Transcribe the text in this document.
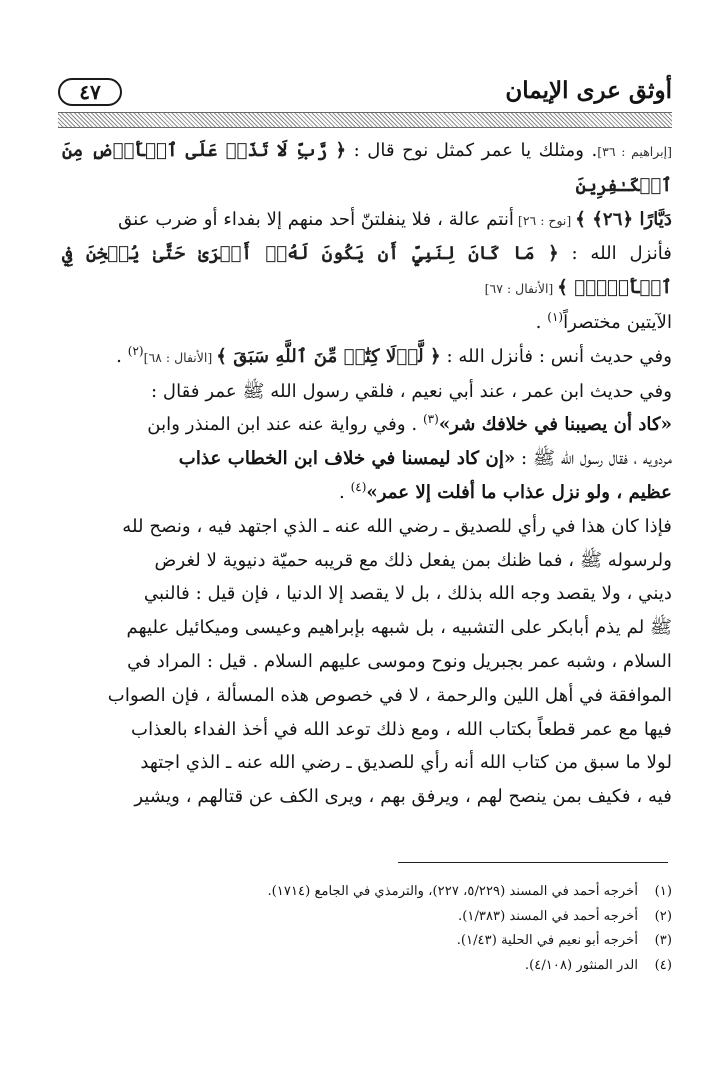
٤٧	أوثق عرى الإيمان

[إبراهيم : ٣٦]. ومثلك يا عمر كمثل نوح قال : ﴿ رَّبِّ لَا تَذَرۡ عَلَى ٱلۡأَرۡضِ مِنَ ٱلۡكَـٰفِرِينَ

دَيَّارًا ﴿٢٦﴾ ﴾ [نوح : ٢٦] أنتم عالة ، فلا ينفلتنّ أحد منهم إلا بفداء أو ضرب عنق

فأنزل الله : ﴿ مَا كَانَ لِنَبِيٍّ أَن يَكُونَ لَهُۥٓ أَسۡرَىٰ حَتَّىٰ يُثۡخِنَ فِي ٱلۡأَرۡضِۚ ﴾ [الأنفال : ٦٧]

الآيتين مختصراً$^{(١)}$ .

وفي حديث أنس : فأنزل الله : ﴿ لَّوۡلَا كِتَٰبٞ مِّنَ ٱللَّهِ سَبَقَ ﴾ [الأنفال : ٦٨]$^{(٢)}$ .

وفي حديث ابن عمر ، عند أبي نعيم ، فلقي رسول الله ﷺ عمر فقال :

«كاد أن يصيبنا في خلافك شر»$^{(٣)}$ . وفي رواية عنه عند ابن المنذر وابن

مردويه ، فقال رسول الله ﷺ : «إن كاد ليمسنا في خلاف ابن الخطاب عذاب

عظيم ، ولو نزل عذاب ما أفلت إلا عمر»$^{(٤)}$ .

فإذا كان هذا في رأي للصديق ـ رضي الله عنه ـ الذي اجتهد فيه ، ونصح لله

ولرسوله ﷺ ، فما ظنك بمن يفعل ذلك مع قريبه حميّة دنيوية لا لغرض

ديني ، ولا يقصد وجه الله بذلك ، بل لا يقصد إلا الدنيا ، فإن قيل : فالنبي

ﷺ لم يذم أبابكر على التشبيه ، بل شبهه بإبراهيم وعيسى وميكائيل عليهم

السلام ، وشبه عمر بجبريل ونوح وموسى عليهم السلام . قيل : المراد في

الموافقة في أهل اللين والرحمة ، لا في خصوص هذه المسألة ، فإن الصواب

فيها مع عمر قطعاً بكتاب الله ، ومع ذلك توعد الله في أخذ الفداء بالعذاب

لولا ما سبق من كتاب الله أنه رأي للصديق ـ رضي الله عنه ـ الذي اجتهد

فيه ، فكيف بمن ينصح لهم ، ويرفق بهم ، ويرى الكف عن قتالهم ، ويشير

(١)أخرجه أحمد في المسند (٥/٢٢٩، ٢٢٧)، والترمذي في الجامع (١٧١٤).
(٢)أخرجه أحمد في المسند (١/٣٨٣).
(٣)أخرجه أبو نعيم في الحلية (١/٤٣).
(٤)الدر المنثور (٤/١٠٨).
